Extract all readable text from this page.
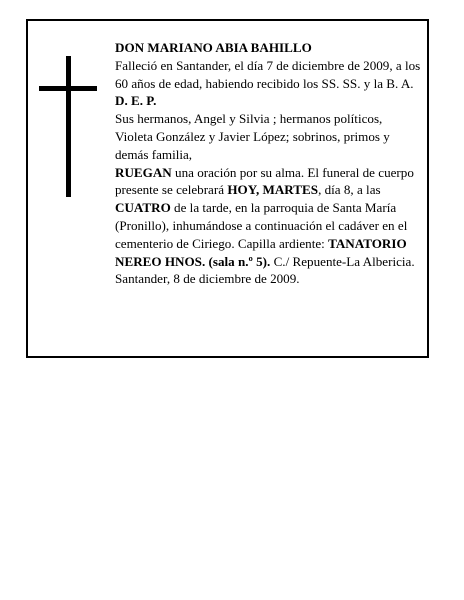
DON MARIANO ABIA BAHILLO

Falleció en Santander, el día 7 de diciembre de 2009, a los 60 años de edad, habiendo recibido los SS. SS. y la B. A.

D. E. P.

Sus hermanos, Angel y Silvia ; hermanos políticos, Violeta González y Javier López; sobrinos, primos y demás familia,

RUEGAN una oración por su alma. El funeral de cuerpo presente se celebrará HOY, MARTES, día 8, a las CUATRO de la tarde, en la parroquia de Santa María (Pronillo), inhumándose a continuación el cadáver en el cementerio de Ciriego. Capilla ardiente: TANATORIO NEREO HNOS. (sala n.º 5). C./ Repuente-La Albericia.

Santander, 8 de diciembre de 2009.
